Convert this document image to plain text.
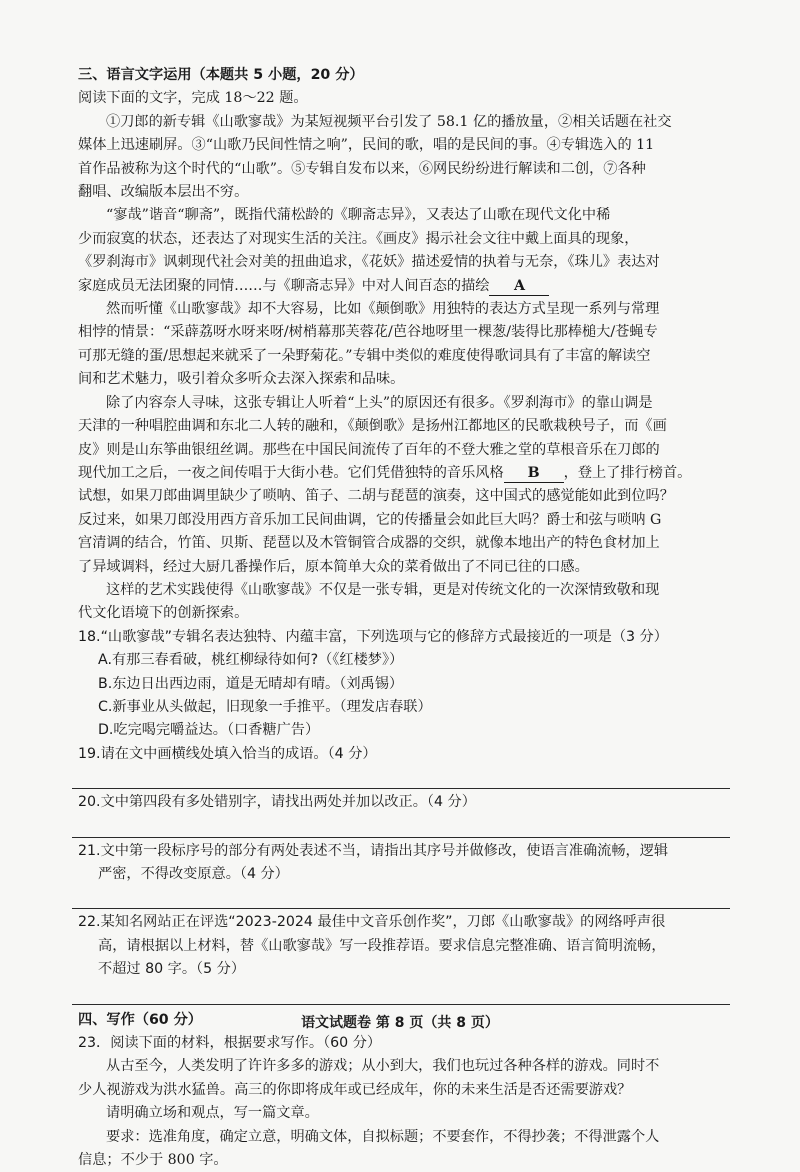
三、语言文字运用（本题共 5 小题，20 分）

阅读下面的文字，完成 18～22 题。

①刀郎的新专辑《山歌寥哉》为某短视频平台引发了 58.1 亿的播放量，②相关话题在社交

媒体上迅速刷屏。③“山歌乃民间性情之响”，民间的歌，唱的是民间的事。④专辑选入的 11

首作品被称为这个时代的“山歌”。⑤专辑自发布以来，⑥网民纷纷进行解读和二创，⑦各种

翻唱、改编版本层出不穷。

“寥哉”谐音“聊斋”，既指代蒲松龄的《聊斋志异》，又表达了山歌在现代文化中稀

少而寂寞的状态，还表达了对现实生活的关注。《画皮》揭示社会文往中戴上面具的现象，

《罗刹海市》讽刺现代社会对美的扭曲追求，《花妖》描述爱情的执着与无奈，《珠儿》表达对

家庭成员无法团聚的同情……与《聊斋志异》中对人间百态的描绘 A

然而听懂《山歌寥哉》却不大容易，比如《颠倒歌》用独特的表达方式呈现一系列与常理

相悖的情景：“采薜荔呀水呀来呀/树梢幕那芙蓉花/芭谷地呀里一棵葱/装得比那棒槌大/苍蝇专

可那无缝的蛋/思想起来就采了一朵野菊花。”专辑中类似的难度使得歌词具有了丰富的解读空

间和艺术魅力，吸引着众多听众去深入探索和品味。

除了内容奈人寻味，这张专辑让人听着“上头”的原因还有很多。《罗刹海市》的靠山调是

天津的一种唱腔曲调和东北二人转的融和，《颠倒歌》是扬州江都地区的民歌栽秧号子，而《画

皮》则是山东筝曲银纽丝调。那些在中国民间流传了百年的不登大雅之堂的草根音乐在刀郎的

现代加工之后，一夜之间传唱于大街小巷。它们凭借独特的音乐风格 B ，登上了排行榜首。

试想，如果刀郎曲调里缺少了唢呐、笛子、二胡与琵琶的演奏，这中国式的感觉能如此到位吗？

反过来，如果刀郎没用西方音乐加工民间曲调，它的传播量会如此巨大吗？爵士和弦与唢呐 G

宫清调的结合，竹笛、贝斯、琵琶以及木管铜管合成器的交织，就像本地出产的特色食材加上

了异域调料，经过大厨几番操作后，原本简单大众的菜肴做出了不同已往的口感。

这样的艺术实践使得《山歌寥哉》不仅是一张专辑，更是对传统文化的一次深情致敬和现

代文化语境下的创新探索。

18.“山歌寥哉”专辑名表达独特、内蕴丰富，下列选项与它的修辞方式最接近的一项是（3 分）

A.有那三春看破，桃红柳绿待如何?（《红楼梦》）

B.东边日出西边雨，道是无晴却有晴。（刘禹锡）

C.新事业从头做起，旧现象一手推平。（理发店春联）

D.吃完喝完嚼益达。（口香糖广告）

19.请在文中画横线处填入恰当的成语。（4 分）

20.文中第四段有多处错别字，请找出两处并加以改正。（4 分）

21.文中第一段标序号的部分有两处表述不当，请指出其序号并做修改，使语言准确流畅，逻辑

严密，不得改变原意。（4 分）

22.某知名网站正在评选“2023-2024 最佳中文音乐创作奖”，刀郎《山歌寥哉》的网络呼声很

高，请根据以上材料，替《山歌寥哉》写一段推荐语。要求信息完整准确、语言简明流畅，

不超过 80 字。（5 分）

四、写作（60 分）

23．阅读下面的材料，根据要求写作。（60 分）

从古至今，人类发明了许许多多的游戏；从小到大，我们也玩过各种各样的游戏。同时不

少人视游戏为洪水猛兽。高三的你即将成年或已经成年，你的未来生活是否还需要游戏？

请明确立场和观点，写一篇文章。

要求：选准角度，确定立意，明确文体，自拟标题；不要套作，不得抄袭；不得泄露个人

信息；不少于 800 字。

语文试题卷 第 8 页（共 8 页）
